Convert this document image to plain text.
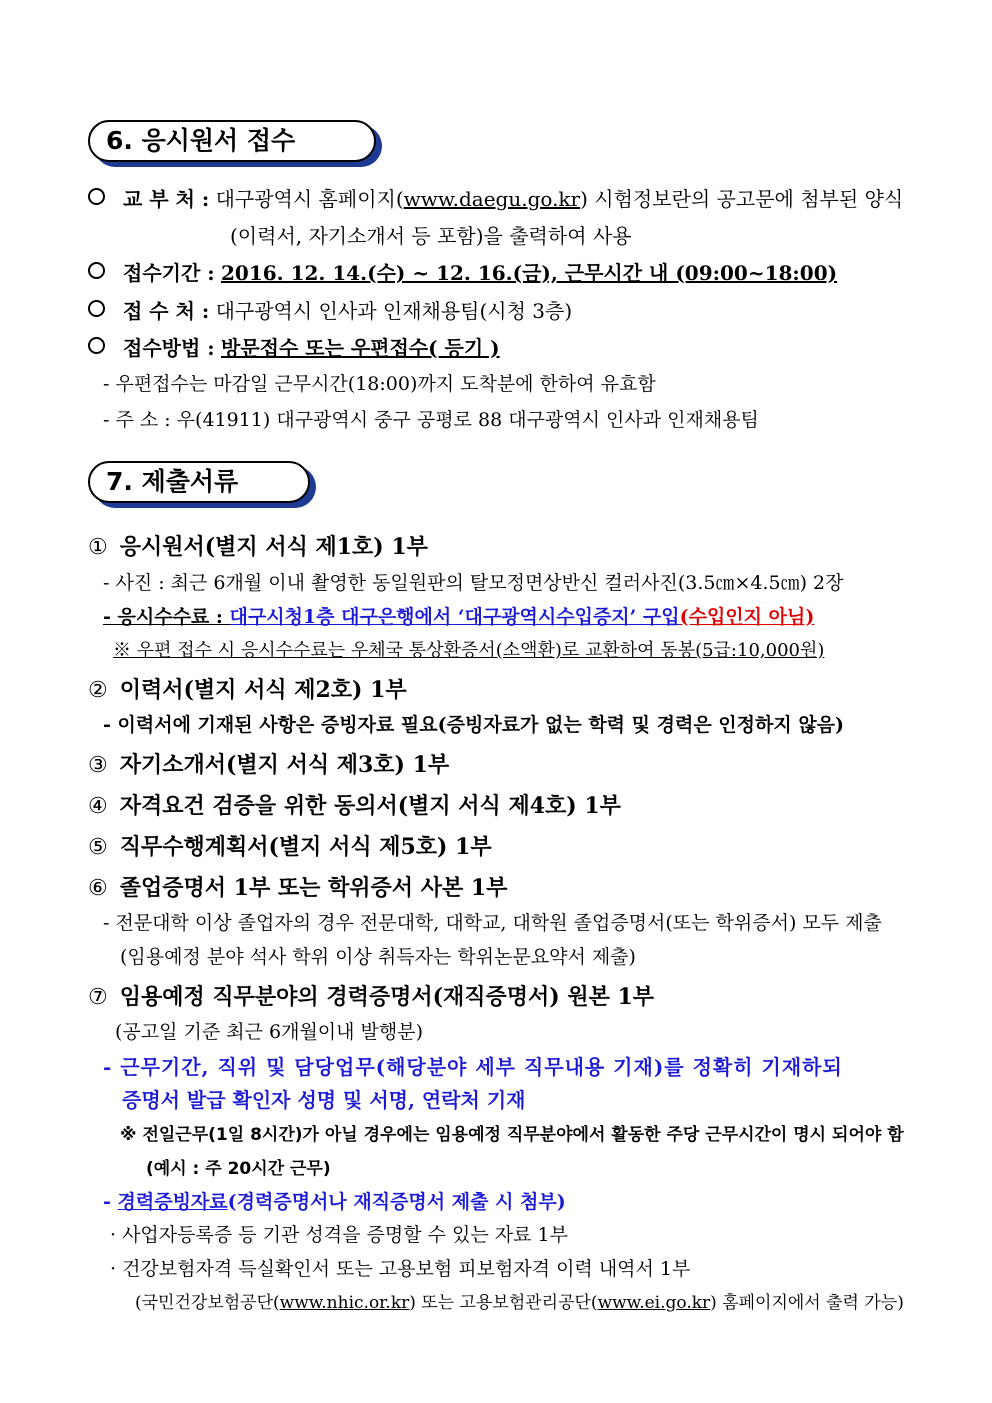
6. 응시원서 접수
교 부 처 : 대구광역시 홈페이지(www.daegu.go.kr) 시험정보란의 공고문에 첨부된 양식
(이력서, 자기소개서 등 포함)을 출력하여 사용
접수기간 : 2016. 12. 14.(수) ~ 12. 16.(금), 근무시간 내 (09:00~18:00)
접 수 처 : 대구광역시 인사과 인재채용팀(시청 3층)
접수방법 : 방문접수 또는 우편접수( 등기 )
- 우편접수는 마감일 근무시간(18:00)까지 도착분에 한하여 유효함
- 주 소 : 우(41911) 대구광역시 중구 공평로 88 대구광역시 인사과 인재채용팀
7. 제출서류
① 응시원서(별지 서식 제1호) 1부
- 사진 : 최근 6개월 이내 촬영한 동일원판의 탈모정면상반신 컬러사진(3.5㎝×4.5㎝) 2장
- 응시수수료 : 대구시청1층 대구은행에서 ‘대구광역시수입증지’ 구입(수입인지 아님)
※ 우편 접수 시 응시수수료는 우체국 통상환증서(소액환)로 교환하여 동봉(5급:10,000원)
② 이력서(별지 서식 제2호) 1부
- 이력서에 기재된 사항은 증빙자료 필요(증빙자료가 없는 학력 및 경력은 인정하지 않음)
③ 자기소개서(별지 서식 제3호) 1부
④ 자격요건 검증을 위한 동의서(별지 서식 제4호) 1부
⑤ 직무수행계획서(별지 서식 제5호) 1부
⑥ 졸업증명서 1부 또는 학위증서 사본 1부
- 전문대학 이상 졸업자의 경우 전문대학, 대학교, 대학원 졸업증명서(또는 학위증서) 모두 제출
(임용예정 분야 석사 학위 이상 취득자는 학위논문요약서 제출)
⑦ 임용예정 직무분야의 경력증명서(재직증명서) 원본 1부
(공고일 기준 최근 6개월이내 발행분)
- 근무기간, 직위 및 담당업무(해당분야 세부 직무내용 기재)를 정확히 기재하되
증명서 발급 확인자 성명 및 서명, 연락처 기재
※ 전일근무(1일 8시간)가 아닐 경우에는 임용예정 직무분야에서 활동한 주당 근무시간이 명시 되어야 함
(예시 : 주 20시간 근무)
- 경력증빙자료(경력증명서나 재직증명서 제출 시 첨부)
· 사업자등록증 등 기관 성격을 증명할 수 있는 자료 1부
· 건강보험자격 득실확인서 또는 고용보험 피보험자격 이력 내역서 1부
(국민건강보험공단(www.nhic.or.kr) 또는 고용보험관리공단(www.ei.go.kr) 홈페이지에서 출력 가능)
